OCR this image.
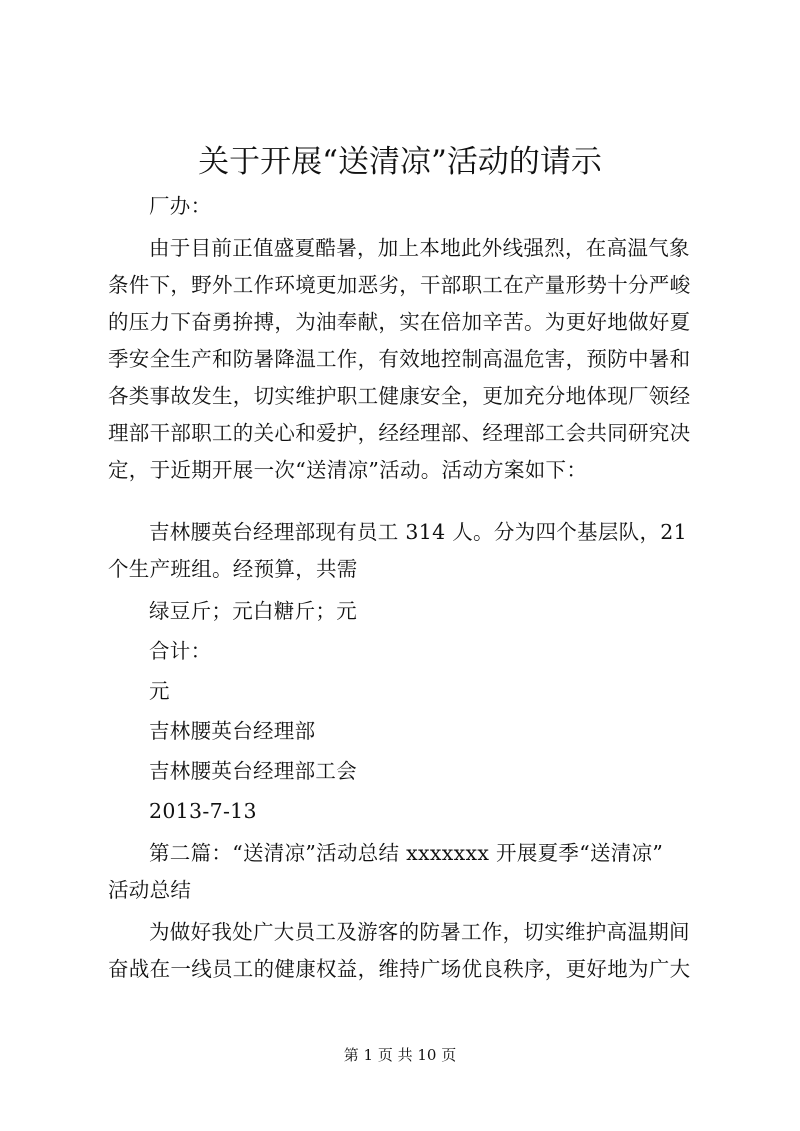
关于开展“送清凉”活动的请示
厂办：
由于目前正值盛夏酷暑，加上本地此外线强烈，在高温气象
条件下，野外工作环境更加恶劣，干部职工在产量形势十分严峻
的压力下奋勇拚搏，为油奉献，实在倍加辛苦。为更好地做好夏
季安全生产和防暑降温工作，有效地控制高温危害，预防中暑和
各类事故发生，切实维护职工健康安全，更加充分地体现厂领经
理部干部职工的关心和爱护，经经理部、经理部工会共同研究决
定，于近期开展一次“送清凉”活动。活动方案如下：
吉林腰英台经理部现有员工 314 人。分为四个基层队，21
个生产班组。经预算，共需
绿豆斤；元白糖斤；元
合计：
元
吉林腰英台经理部
吉林腰英台经理部工会
2013-7-13
第二篇：“送清凉”活动总结 xxxxxxx 开展夏季“送清凉”
活动总结
为做好我处广大员工及游客的防暑工作，切实维护高温期间
奋战在一线员工的健康权益，维持广场优良秩序，更好地为广大
第 1 页 共 10 页
